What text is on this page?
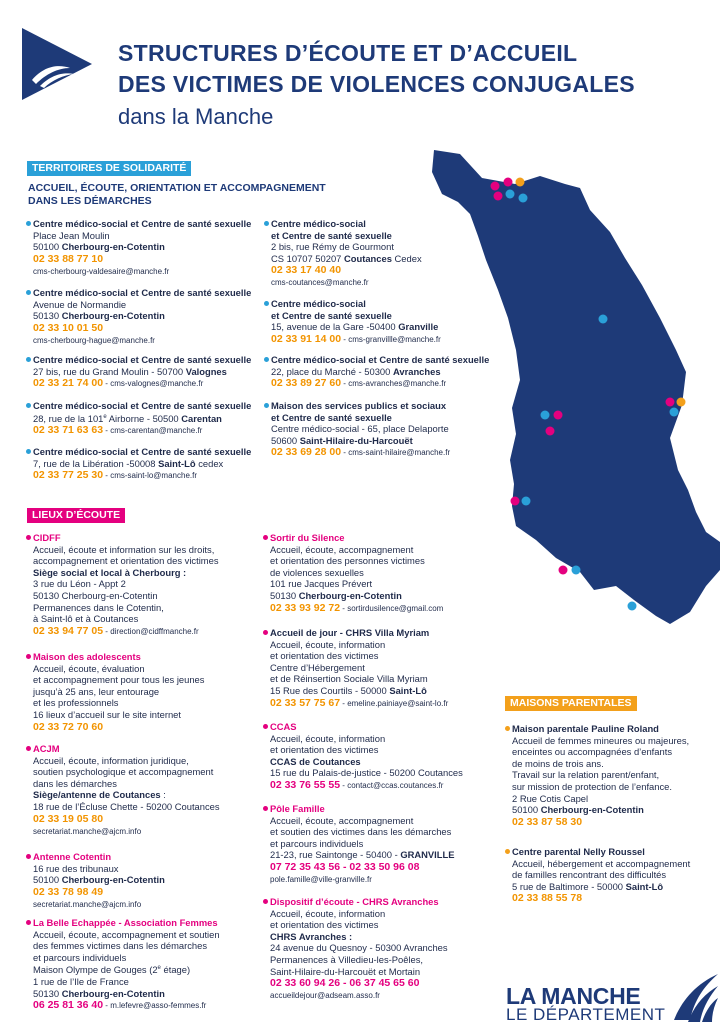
STRUCTURES D’ÉCOUTE ET D’ACCUEIL
DES VICTIMES DE VIOLENCES CONJUGALES
dans la Manche
TERRITOIRES DE SOLIDARITÉ
ACCUEIL, ÉCOUTE, ORIENTATION ET ACCOMPAGNEMENT
DANS LES DÉMARCHES
Centre médico-social et Centre de santé sexuelle
Place Jean Moulin
50100 Cherbourg-en-Cotentin
02 33 88 77 10
cms-cherbourg-valdesaire@manche.fr
Centre médico-social et Centre de santé sexuelle
Avenue de Normandie
50130 Cherbourg-en-Cotentin
02 33 10 01 50
cms-cherbourg-hague@manche.fr
Centre médico-social et Centre de santé sexuelle
27 bis, rue du Grand Moulin - 50700 Valognes
02 33 21 74 00 - cms-valognes@manche.fr
Centre médico-social et Centre de santé sexuelle
28, rue de la 101e Airborne - 50500 Carentan
02 33 71 63 63 - cms-carentan@manche.fr
Centre médico-social et Centre de santé sexuelle
7, rue de la Libération -50008 Saint-Lô cedex
02 33 77 25 30 - cms-saint-lo@manche.fr
Centre médico-social
et Centre de santé sexuelle
2 bis, rue Rémy de Gourmont
CS 10707 50207 Coutances Cedex
02 33 17 40 40
cms-coutances@manche.fr
Centre médico-social
et Centre de santé sexuelle
15, avenue de la Gare -50400 Granville
02 33 91 14 00 - cms-granvillle@manche.fr
Centre médico-social et Centre de santé sexuelle
22, place du Marché - 50300 Avranches
02 33 89 27 60 - cms-avranches@manche.fr
Maison des services publics et sociaux
et Centre de santé sexuelle
Centre médico-social - 65, place Delaporte
50600 Saint-Hilaire-du-Harcouët
02 33 69 28 00 - cms-saint-hilaire@manche.fr
LIEUX D’ÉCOUTE
CIDFF
Accueil, écoute et information sur les droits,
accompagnement et orientation des victimes
Siège social et local à Cherbourg :
3 rue du Léon - Appt 2
50130 Cherbourg-en-Cotentin
Permanences dans le Cotentin,
à Saint-lô et à Coutances
02 33 94 77 05 - direction@cidffmanche.fr
Maison des adolescents
Accueil, écoute, évaluation
et accompagnement pour tous les jeunes
jusqu’à 25 ans, leur entourage
et les professionnels
16 lieux d’accueil sur le site internet
02 33 72 70 60
ACJM
Accueil, écoute, information juridique,
soutien psychologique et accompagnement
dans les démarches
Siège/antenne de Coutances :
18 rue de l’Écluse Chette - 50200 Coutances
02 33 19 05 80
secretariat.manche@ajcm.info
Antenne Cotentin
16 rue des tribunaux
50100 Cherbourg-en-Cotentin
02 33 78 98 49
secretariat.manche@ajcm.info
La Belle Echappée - Association Femmes
Accueil, écoute, accompagnement et soutien
des femmes victimes dans les démarches
et parcours individuels
Maison Olympe de Gouges (2e étage)
1 rue de l’Ile de France
50130 Cherbourg-en-Cotentin
06 25 81 36 40 - m.lefevre@asso-femmes.fr
Sortir du Silence
Accueil, écoute, accompagnement
et orientation des personnes victimes
de violences sexuelles
101 rue Jacques Prévert
50130 Cherbourg-en-Cotentin
02 33 93 92 72 - sortirdusilence@gmail.com
Accueil de jour - CHRS Villa Myriam
Accueil, écoute, information
et orientation des victimes
Centre d’Hébergement
et de Réinsertion Sociale Villa Myriam
15 Rue des Courtils - 50000 Saint-Lô
02 33 57 75 67 - emeline.painiaye@saint-lo.fr
CCAS
Accueil, écoute, information
et orientation des victimes
CCAS de Coutances
15 rue du Palais-de-justice - 50200 Coutances
02 33 76 55 55 - contact@ccas.coutances.fr
Pôle Famille
Accueil, écoute, accompagnement
et soutien des victimes dans les démarches
et parcours individuels
21-23, rue Saintonge - 50400 - GRANVILLE
07 72 35 43 56 - 02 33 50 96 08
pole.famille@ville-granville.fr
Dispositif d’écoute - CHRS Avranches
Accueil, écoute, information
et orientation des victimes
CHRS Avranches :
24 avenue du Quesnoy - 50300 Avranches
Permanences à Villedieu-les-Poêles,
Saint-Hilaire-du-Harcouët et Mortain
02 33 60 94 26 - 06 37 45 65 60
accueildejour@adseam.asso.fr
MAISONS PARENTALES
Maison parentale Pauline Roland
Accueil de femmes mineures ou majeures,
enceintes ou accompagnées d’enfants
de moins de trois ans.
Travail sur la relation parent/enfant,
sur mission de protection de l’enfance.
2 Rue Cotis Capel
50100 Cherbourg-en-Cotentin
02 33 87 58 30
Centre parental Nelly Roussel
Accueil, hébergement et accompagnement
de familles rencontrant des difficultés
5 rue de Baltimore - 50000 Saint-Lô
02 33 88 55 78
LA MANCHE
LE DÉPARTEMENT
